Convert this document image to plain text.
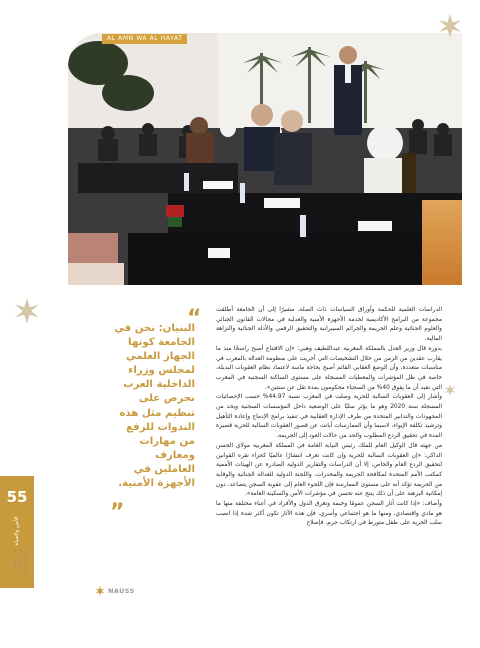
AL AMN WA AL HAYAT
55
الأمن والحياة
العدد 472 - ربيع الأول 1445 هـ - سبتمبر 2023 م
“
البنيان: نحن في الجامعة كونها الجهاز العلمي لمجلس وزراء الداخلية العرب نحرص على تنظيم مثل هذه الندوات للرفع من مهارات ومعارف العاملين في الأجهزة الأمنية.
”

الدراسات العلمية للحكمة وأوراق السياسات ذات الصلة، مشيرًا إلى أن الجامعة أطلقت مجموعة من البرامج الأكاديمية لخدمة الأجهزة الأمنية والعدلية في مجالات القانون الجنائي والعلوم الجنائية وعلم الجريمة والجرائم السيبرانية والتحقيق الرقمي والأدلة الجنائية والنزاهة المالية.

بدوره قال وزير العدل بالمملكة المغربية عبداللطيف وهبي: «إن الاقتناع أصبح راسخًا منذ ما يقارب عقدين من الزمن من خلال التشخيصات التي أجريت على منظومة العدالة بالمغرب في مناسبات متعددة، وأن الوضع العقابي القائم أصبح بحاجة ماسة لاعتماد نظام العقوبات البديلة، خاصة في ظل المؤشرات والمعطيات المسجلة على مستوى الساكنة السجنية في المغرب التي تفيد أن ما يفوق 40% من السجناء محكومون بمدة تقل عن سنتين».

وأشار إلى العقوبات السالبة للحرية وصلت في المغرب نسبة 44.97% حسب الإحصائيات المسجلة سنة 2020 وهو ما يؤثر سلبًا على الوضعية داخل المؤسسات السجنية ويحد من المجهودات والتدابير المتخذة من طرف الإدارة العقابية في تنفيذ برامج الإدماج وإعادة التأهيل وترشيد تكلفة الإيواء، لاسيما وأن الممارسات أبانت عن قصور العقوبات السالبة للحرية قصيرة المدة في تحقيق الردع المطلوب والحد من حالات العود إلى الجريمة.

من جهته قال الوكيل العام للملك رئيس النيابة العامة في المملكة المغربية مولاي الحسن الداكي: «إن العقوبات السالبة للحرية وإن كانت تعرف انتشارًا عالميًا كجزاء تقره القوانين لتحقيق الردع العام والخاص، إلا أن الدراسات والتقارير الدولية الصادرة عن الهيئات الأممية كمكتب الأمم المتحدة لمكافحة الجريمة والمخدرات، واللجنة الدولية للعدالة الجنائية والوقاية من الجريمة تؤكد أنه على مستوى الممارسة فإن اللجوء العام إلى عقوبة السجن يتصاعد، دون إمكانية البرهنة على أن ذلك ينتج عنه تحسن في مؤشرات الأمن والسكينة العامة».

وأضاف: «إذا كانت آثار السجن عمومًا وخيمة وتغرق الدول والأفراد في أعباء مختلفة منها ما هو مادي واقتصادي، ومنها ما هو اجتماعي وأسري، فإن هذه الآثار تكون أكثر شدة إذا انصب سلب الحرية على طفل متورط في ارتكاب جرم، فإصلاح

NAUSS
